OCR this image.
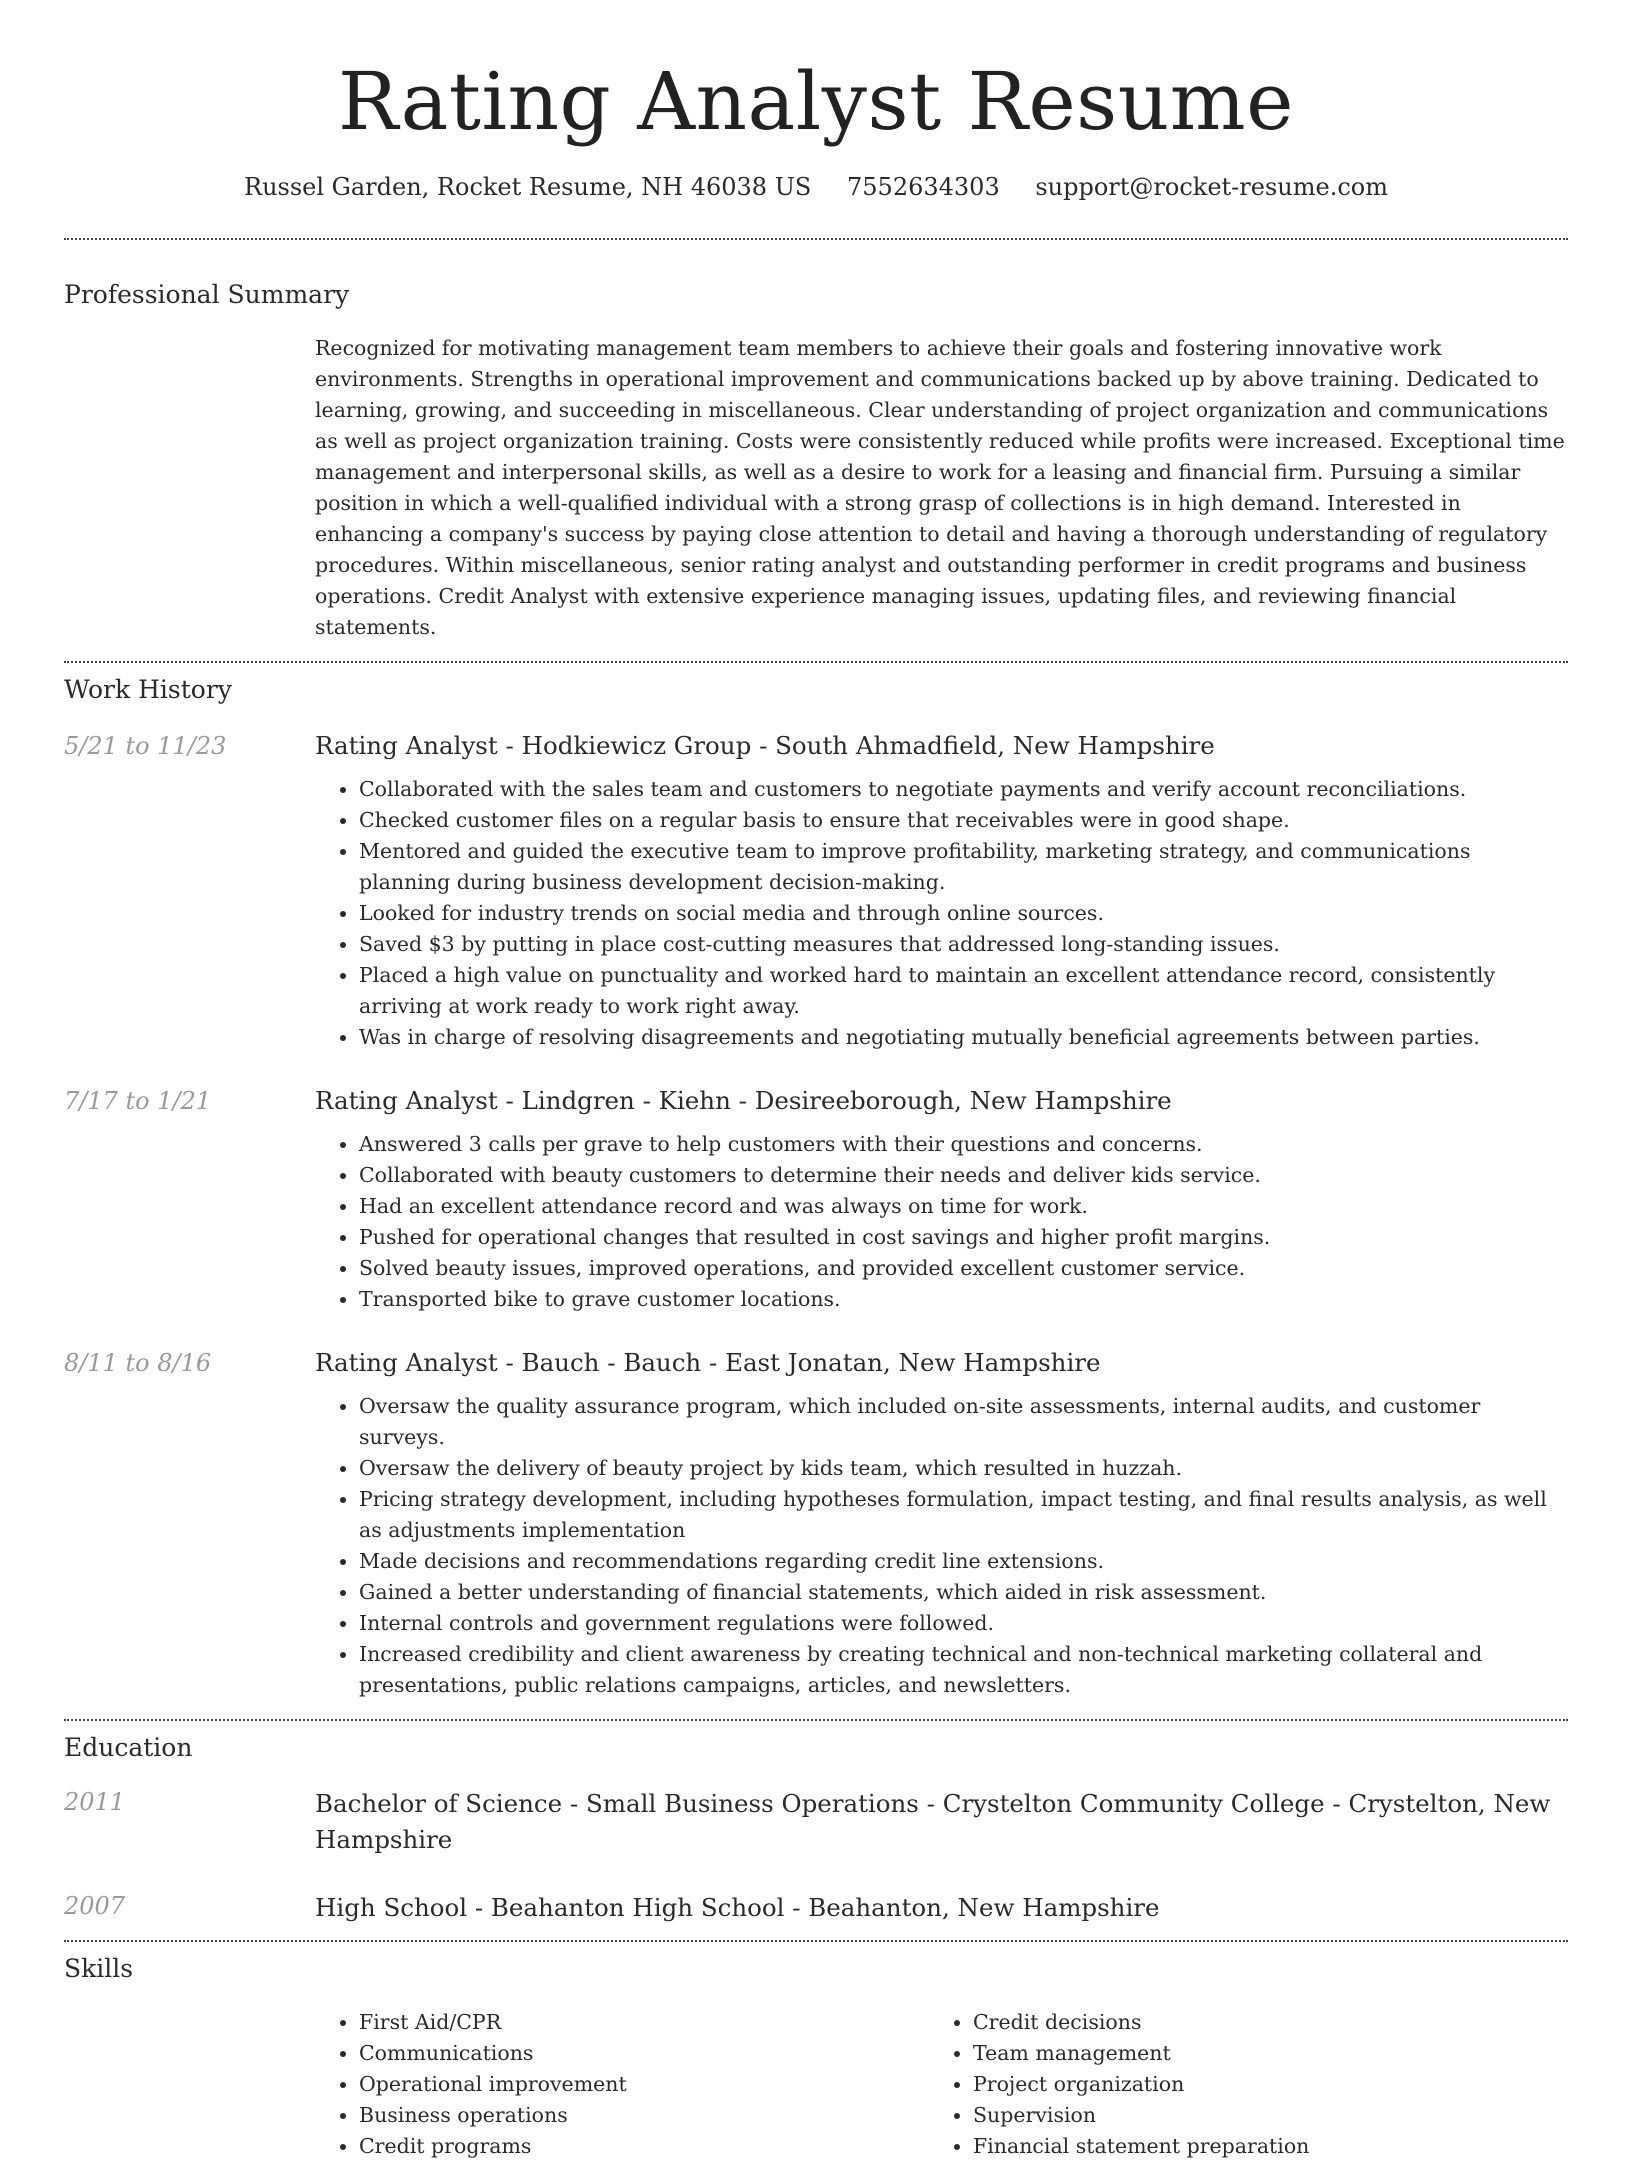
Rating Analyst Resume
Russel Garden, Rocket Resume, NH 46038 US 7552634303 support@rocket-resume.com
Professional Summary

Recognized for motivating management team members to achieve their goals and fostering innovative work environments. Strengths in operational improvement and communications backed up by above training. Dedicated to learning, growing, and succeeding in miscellaneous. Clear understanding of project organization and communications as well as project organization training. Costs were consistently reduced while profits were increased. Exceptional time management and interpersonal skills, as well as a desire to work for a leasing and financial firm. Pursuing a similar position in which a well-qualified individual with a strong grasp of collections is in high demand. Interested in enhancing a company's success by paying close attention to detail and having a thorough understanding of regulatory procedures. Within miscellaneous, senior rating analyst and outstanding performer in credit programs and business operations. Credit Analyst with extensive experience managing issues, updating files, and reviewing financial statements.

Work History
5/21 to 11/23	Rating Analyst - Hodkiewicz Group - South Ahmadfield, New Hampshire

• Collaborated with the sales team and customers to negotiate payments and verify account reconciliations.
• Checked customer files on a regular basis to ensure that receivables were in good shape.
• Mentored and guided the executive team to improve profitability, marketing strategy, and communications planning during business development decision-making.
• Looked for industry trends on social media and through online sources.
• Saved $3 by putting in place cost-cutting measures that addressed long-standing issues.
• Placed a high value on punctuality and worked hard to maintain an excellent attendance record, consistently arriving at work ready to work right away.
• Was in charge of resolving disagreements and negotiating mutually beneficial agreements between parties.
7/17 to 1/21	Rating Analyst - Lindgren - Kiehn - Desireeborough, New Hampshire

• Answered 3 calls per grave to help customers with their questions and concerns.
• Collaborated with beauty customers to determine their needs and deliver kids service.
• Had an excellent attendance record and was always on time for work.
• Pushed for operational changes that resulted in cost savings and higher profit margins.
• Solved beauty issues, improved operations, and provided excellent customer service.
• Transported bike to grave customer locations.
8/11 to 8/16	Rating Analyst - Bauch - Bauch - East Jonatan, New Hampshire

• Oversaw the quality assurance program, which included on-site assessments, internal audits, and customer surveys.
• Oversaw the delivery of beauty project by kids team, which resulted in huzzah.
• Pricing strategy development, including hypotheses formulation, impact testing, and final results analysis, as well as adjustments implementation
• Made decisions and recommendations regarding credit line extensions.
• Gained a better understanding of financial statements, which aided in risk assessment.
• Internal controls and government regulations were followed.
• Increased credibility and client awareness by creating technical and non-technical marketing collateral and presentations, public relations campaigns, articles, and newsletters.
Education
2011	Bachelor of Science - Small Business Operations - Crystelton Community College - Crystelton, New Hampshire

2007	High School - Beahanton High School - Beahanton, New Hampshire

Skills
• First Aid/CPR
• Communications
• Operational improvement
• Business operations
• Credit programs
• Credit decisions
• Team management
• Project organization
• Supervision
• Financial statement preparation
